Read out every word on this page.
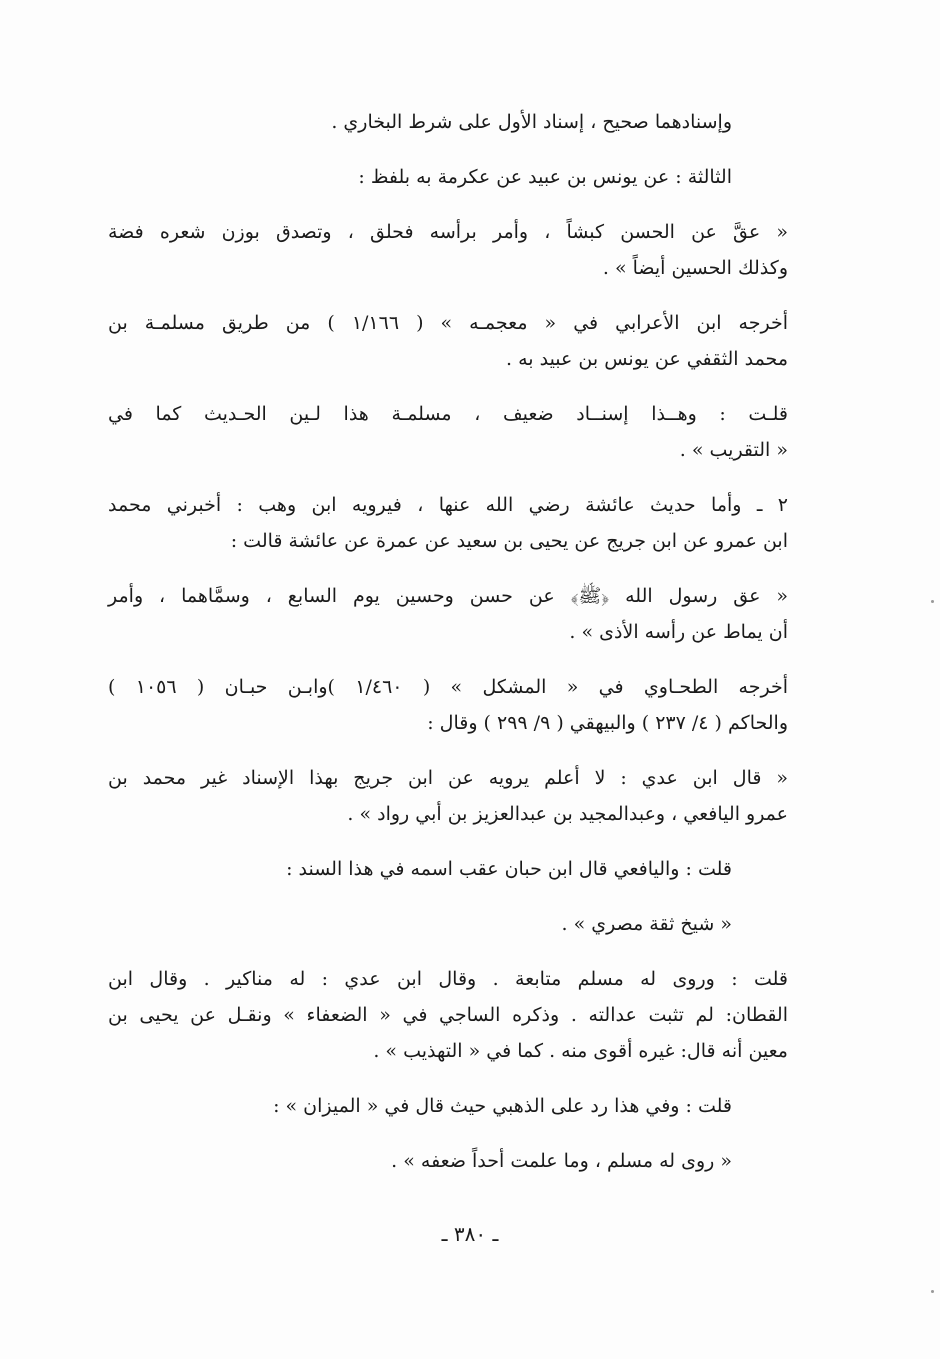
وإسنادهما صحيح ، إسناد الأول على شرط البخاري .

الثالثة : عن يونس بن عبيد عن عكرمة به بلفظ :

« عقَّ عن الحسن كبشاً ، وأمر برأسه فحلق ، وتصدق بوزن شعره فضة
وكذلك الحسين أيضاً » .

أخرجه ابن الأعرابي في « معجمـه » ( ١/١٦٦ ) من طريق مسلمـة بن
محمد الثقفي عن يونس بن عبيد به .

قلـت : وهــذا إسنــاد ضعيف ، مسلمـة هذا لـين الحـديث كما في
« التقريب » .

٢ ـ وأما حديث عائشة رضي الله عنها ، فيرويه ابن وهب : أخبرني محمد
ابن عمرو عن ابن جريج عن يحيى بن سعيد عن عمرة عن عائشة قالت :

« عق رسول الله ﴿ﷺ﴾ عن حسن وحسين يوم السابع ، وسمَّاهما ، وأمر
أن يماط عن رأسه الأذى » .

أخرجه الطحـاوي في « المشكل » ( ١/٤٦٠ )وابـن حبـان ( ١٠٥٦ )
والحاكم ( ٤/ ٢٣٧ ) والبيهقي ( ٩/ ٢٩٩ ) وقال :

« قال ابن عدي : لا أعلم يرويه عن ابن جريج بهذا الإسناد غير محمد بن
عمرو اليافعي ، وعبدالمجيد بن عبدالعزيز بن أبي رواد » .

قلت : واليافعي قال ابن حبان عقب اسمه في هذا السند :

« شيخ ثقة مصري » .

قلت : وروى له مسلم متابعة . وقال ابن عدي : له مناكير . وقال ابن
القطان: لم تثبت عدالته . وذكره الساجي في « الضعفاء » ونقـل عن يحيى بن
معين أنه قال: غيره أقوى منه . كما في « التهذيب » .

قلت : وفي هذا رد على الذهبي حيث قال في « الميزان » :

« روى له مسلم ، وما علمت أحداً ضعفه » .

ـ ٣٨٠ ـ
